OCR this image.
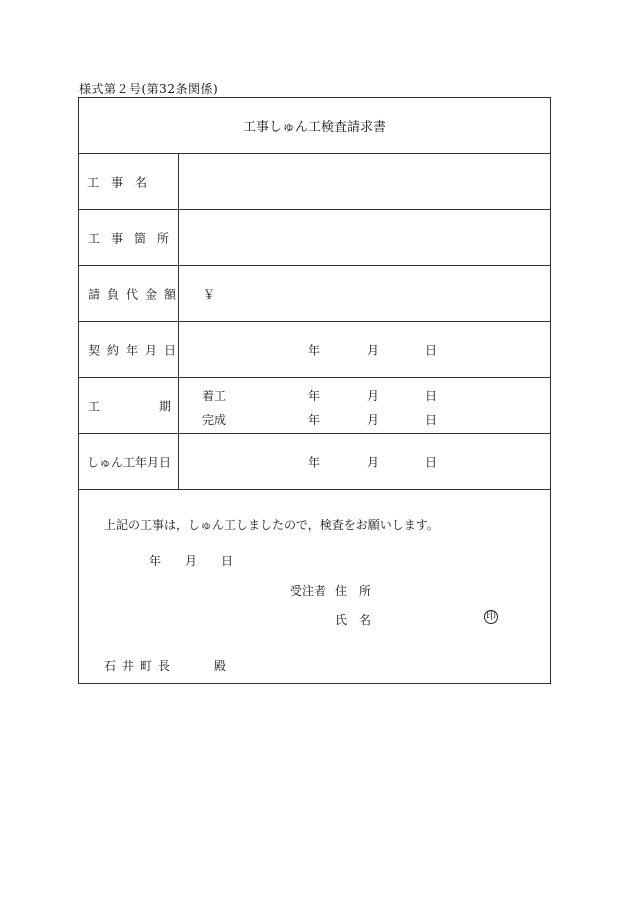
様式第２号(第32条関係)
工事しゅん工検査請求書
工　事　名
工 事 箇 所
請 負 代 金 額 ￥
契 約 年 月 日	年	月	日
工	期
着工	年	月	日
完成	年	月	日
しゅん工年月日	年	月	日
上記の工事は，しゅん工しましたので，検査をお願いします。
年 月 日
受注者 住 所
氏 名	印
石 井 町 長	殿
